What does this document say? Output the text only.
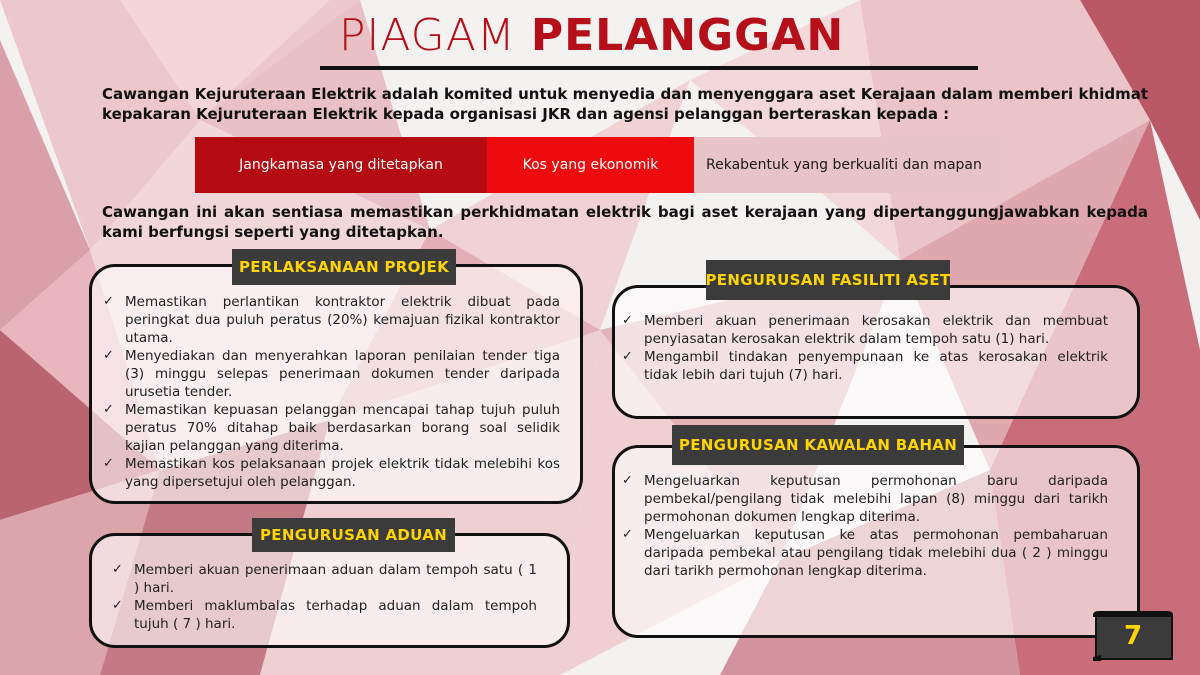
PIAGAM PELANGGAN

Cawangan Kejuruteraan Elektrik adalah komited untuk menyedia dan menyenggara aset Kerajaan dalam memberi khidmat kepakaran Kejuruteraan Elektrik kepada organisasi JKR dan agensi pelanggan berteraskan kepada :

Jangkamasa yang ditetapkan	Kos yang ekonomik	Rekabentuk yang berkualiti dan mapan

Cawangan ini akan sentiasa memastikan perkhidmatan elektrik bagi aset kerajaan yang dipertanggungjawabkan kepada kami berfungsi seperti yang ditetapkan.

PERLAKSANAAN PROJEK
✓ Memastikan perlantikan kontraktor elektrik dibuat pada peringkat dua puluh peratus (20%) kemajuan fizikal kontraktor utama.
✓ Menyediakan dan menyerahkan laporan penilaian tender tiga (3) minggu selepas penerimaan dokumen tender daripada urusetia tender.
✓ Memastikan kepuasan pelanggan mencapai tahap tujuh puluh peratus 70% ditahap baik berdasarkan borang soal selidik kajian pelanggan yang diterima.
✓ Memastikan kos pelaksanaan projek elektrik tidak melebihi kos yang dipersetujui oleh pelanggan.
PENGURUSAN ADUAN
✓ Memberi akuan penerimaan aduan dalam tempoh satu ( 1 ) hari.
✓ Memberi maklumbalas terhadap aduan dalam tempoh tujuh ( 7 ) hari.
PENGURUSAN FASILITI ASET
✓ Memberi akuan penerimaan kerosakan elektrik dan membuat penyiasatan kerosakan elektrik dalam tempoh satu (1) hari.
✓ Mengambil tindakan penyempunaan ke atas kerosakan elektrik tidak lebih dari tujuh (7) hari.
PENGURUSAN KAWALAN BAHAN
✓ Mengeluarkan keputusan permohonan baru daripada pembekal/pengilang tidak melebihi lapan (8) minggu dari tarikh permohonan dokumen lengkap diterima.
✓ Mengeluarkan keputusan ke atas permohonan pembaharuan daripada pembekal atau pengilang tidak melebihi dua ( 2 ) minggu dari tarikh permohonan lengkap diterima.
7
